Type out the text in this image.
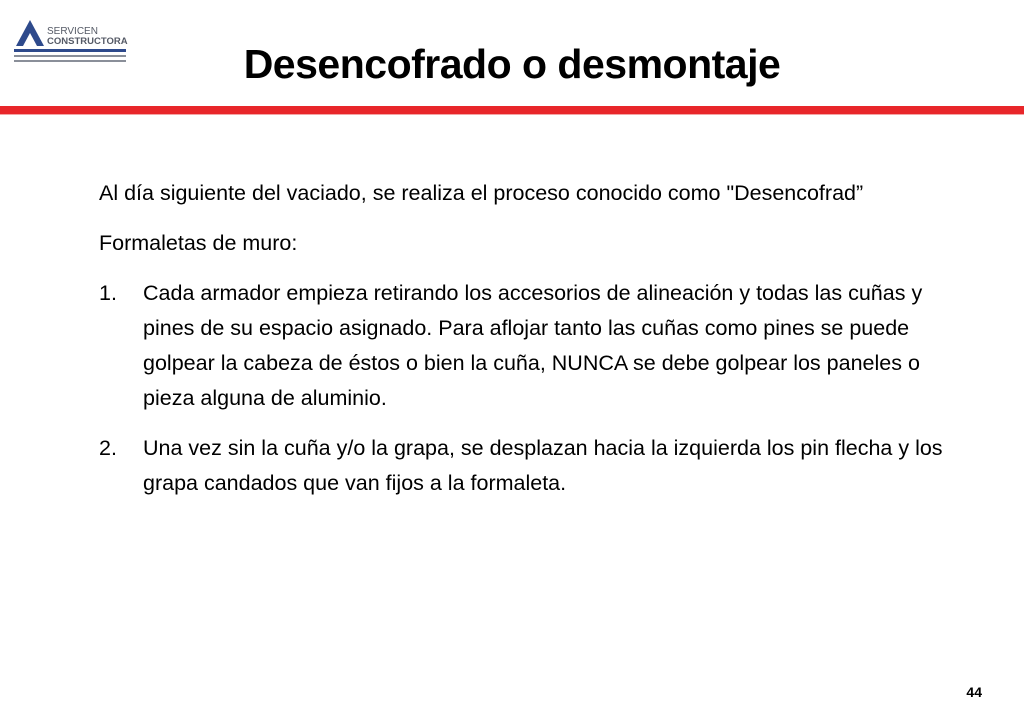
SERVICEN
CONSTRUCTORA	Desencofrado o desmontaje

Al día siguiente del vaciado, se realiza el proceso conocido como "Desencofrad”

Formaletas de muro:

1. Cada armador empieza retirando los accesorios de alineación y todas las cuñas y pines de su espacio asignado. Para aflojar tanto las cuñas como pines se puede golpear la cabeza de éstos o bien la cuña, NUNCA se debe golpear los paneles o pieza alguna de aluminio.
2. Una vez sin la cuña y/o la grapa, se desplazan hacia la izquierda los pin flecha y los grapa candados que van fijos a la formaleta.
44
